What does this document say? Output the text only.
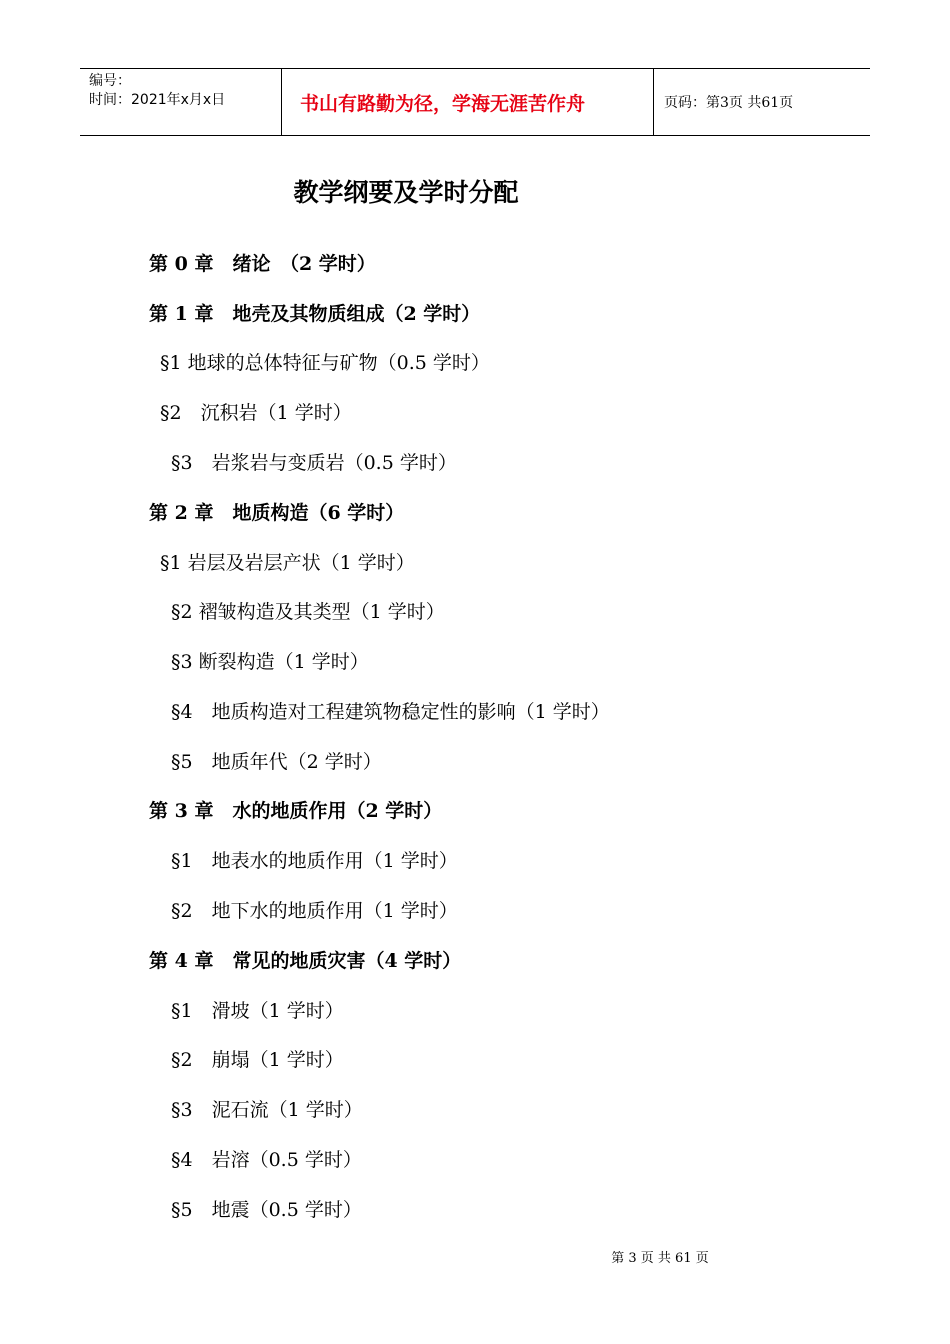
编号：
时间：2021年x月x日	书山有路勤为径，学海无涯苦作舟	页码：第3页 共61页
教学纲要及学时分配
第 0 章　绪论　（2 学时）
第 1 章　地壳及其物质组成（2 学时）
§1 地球的总体特征与矿物（0.5 学时）
§2　沉积岩（1 学时）
§3　岩浆岩与变质岩（0.5 学时）
第 2 章　地质构造（6 学时）
§1 岩层及岩层产状（1 学时）
§2 褶皱构造及其类型（1 学时）
§3 断裂构造（1 学时）
§4　地质构造对工程建筑物稳定性的影响（1 学时）
§5　地质年代（2 学时）
第 3 章　水的地质作用（2 学时）
§1　地表水的地质作用（1 学时）
§2　地下水的地质作用（1 学时）
第 4 章　常见的地质灾害（4 学时）
§1　滑坡（1 学时）
§2　崩塌（1 学时）
§3　泥石流（1 学时）
§4　岩溶（0.5 学时）
§5　地震（0.5 学时）
第 3 页 共 61 页
